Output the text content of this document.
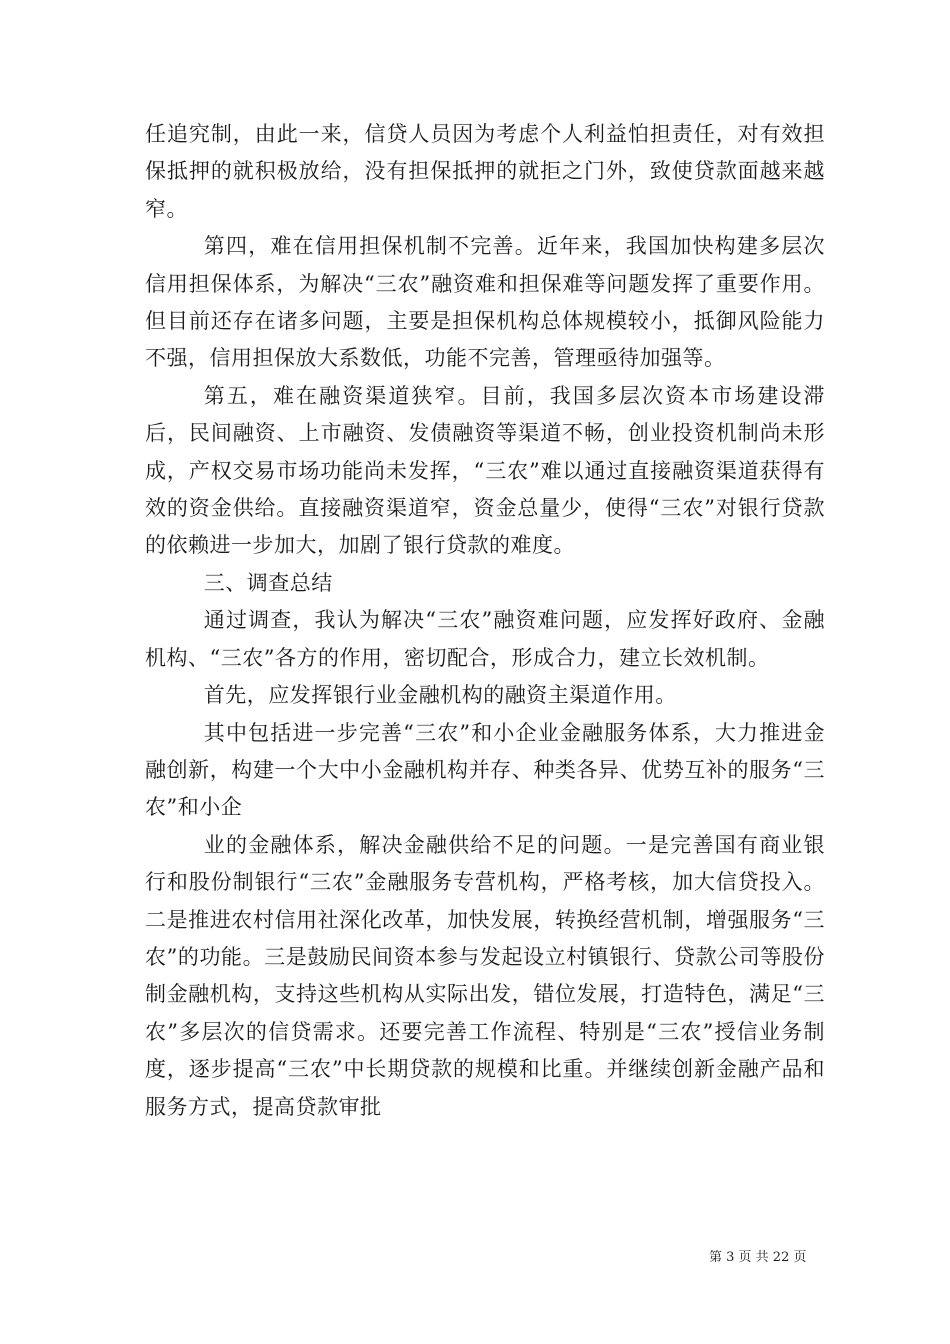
任追究制，由此一来，信贷人员因为考虑个人利益怕担责任，对有效担保抵押的就积极放给，没有担保抵押的就拒之门外，致使贷款面越来越窄。

第四，难在信用担保机制不完善。近年来，我国加快构建多层次信用担保体系，为解决“三农”融资难和担保难等问题发挥了重要作用。但目前还存在诸多问题，主要是担保机构总体规模较小，抵御风险能力不强，信用担保放大系数低，功能不完善，管理亟待加强等。

第五，难在融资渠道狭窄。目前，我国多层次资本市场建设滞后，民间融资、上市融资、发债融资等渠道不畅，创业投资机制尚未形成，产权交易市场功能尚未发挥，“三农”难以通过直接融资渠道获得有效的资金供给。直接融资渠道窄，资金总量少，使得“三农”对银行贷款的依赖进一步加大，加剧了银行贷款的难度。

三、调查总结

通过调查，我认为解决“三农”融资难问题，应发挥好政府、金融机构、“三农”各方的作用，密切配合，形成合力，建立长效机制。

首先，应发挥银行业金融机构的融资主渠道作用。

其中包括进一步完善“三农”和小企业金融服务体系，大力推进金融创新，构建一个大中小金融机构并存、种类各异、优势互补的服务“三农”和小企

业的金融体系，解决金融供给不足的问题。一是完善国有商业银行和股份制银行“三农”金融服务专营机构，严格考核，加大信贷投入。二是推进农村信用社深化改革，加快发展，转换经营机制，增强服务“三农”的功能。三是鼓励民间资本参与发起设立村镇银行、贷款公司等股份制金融机构，支持这些机构从实际出发，错位发展，打造特色，满足“三农”多层次的信贷需求。还要完善工作流程、特别是“三农”授信业务制度，逐步提高“三农”中长期贷款的规模和比重。并继续创新金融产品和服务方式，提高贷款审批

第 3 页 共 22 页
